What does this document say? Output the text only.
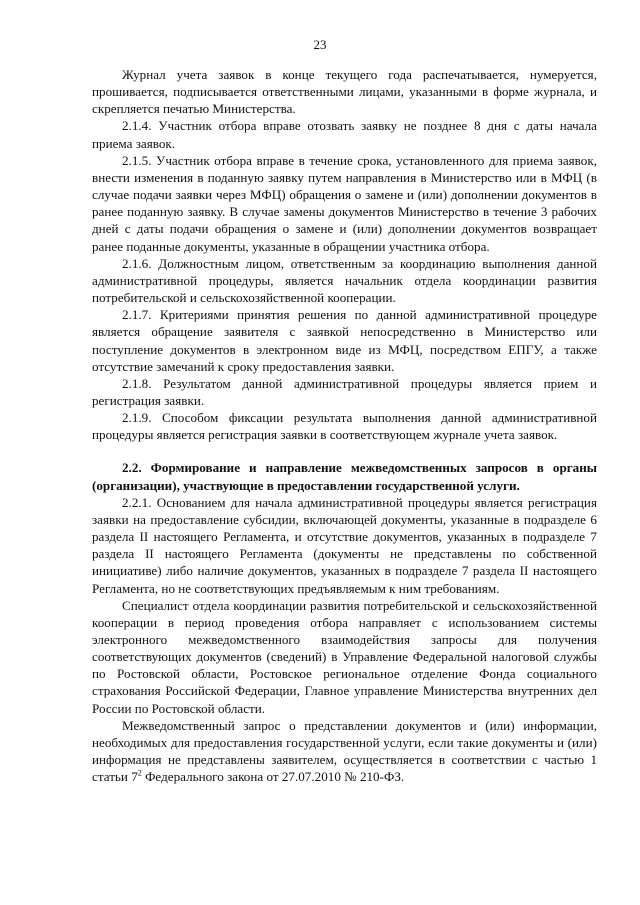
23

Журнал учета заявок в конце текущего года распечатывается, нумеруется, прошивается, подписывается ответственными лицами, указанными в форме журнала, и скрепляется печатью Министерства.

2.1.4. Участник отбора вправе отозвать заявку не позднее 8 дня с даты начала приема заявок.

2.1.5. Участник отбора вправе в течение срока, установленного для приема заявок, внести изменения в поданную заявку путем направления в Министерство или в МФЦ (в случае подачи заявки через МФЦ) обращения о замене и (или) дополнении документов в ранее поданную заявку. В случае замены документов Министерство в течение 3 рабочих дней с даты подачи обращения о замене и (или) дополнении документов возвращает ранее поданные документы, указанные в обращении участника отбора.

2.1.6. Должностным лицом, ответственным за координацию выполнения данной административной процедуры, является начальник отдела координации развития потребительской и сельскохозяйственной кооперации.

2.1.7. Критериями принятия решения по данной административной процедуре является обращение заявителя с заявкой непосредственно в Министерство или поступление документов в электронном виде из МФЦ, посредством ЕПГУ, а также отсутствие замечаний к сроку предоставления заявки.

2.1.8. Результатом данной административной процедуры является прием и регистрация заявки.

2.1.9. Способом фиксации результата выполнения данной административной процедуры является регистрация заявки в соответствующем журнале учета заявок.

2.2. Формирование и направление межведомственных запросов в органы (организации), участвующие в предоставлении государственной услуги.

2.2.1. Основанием для начала административной процедуры является регистрация заявки на предоставление субсидии, включающей документы, указанные в подразделе 6 раздела II настоящего Регламента, и отсутствие документов, указанных в подразделе 7 раздела II настоящего Регламента (документы не представлены по собственной инициативе) либо наличие документов, указанных в подразделе 7 раздела II настоящего Регламента, но не соответствующих предъявляемым к ним требованиям.

Специалист отдела координации развития потребительской и сельскохозяйственной кооперации в период проведения отбора направляет с использованием системы электронного межведомственного взаимодействия запросы для получения соответствующих документов (сведений) в Управление Федеральной налоговой службы по Ростовской области, Ростовское региональное отделение Фонда социального страхования Российской Федерации, Главное управление Министерства внутренних дел России по Ростовской области.

Межведомственный запрос о представлении документов и (или) информации, необходимых для предоставления государственной услуги, если такие документы и (или) информация не представлены заявителем, осуществляется в соответствии с частью 1 статьи $7^2$ Федерального закона от 27.07.2010 № 210-ФЗ.
